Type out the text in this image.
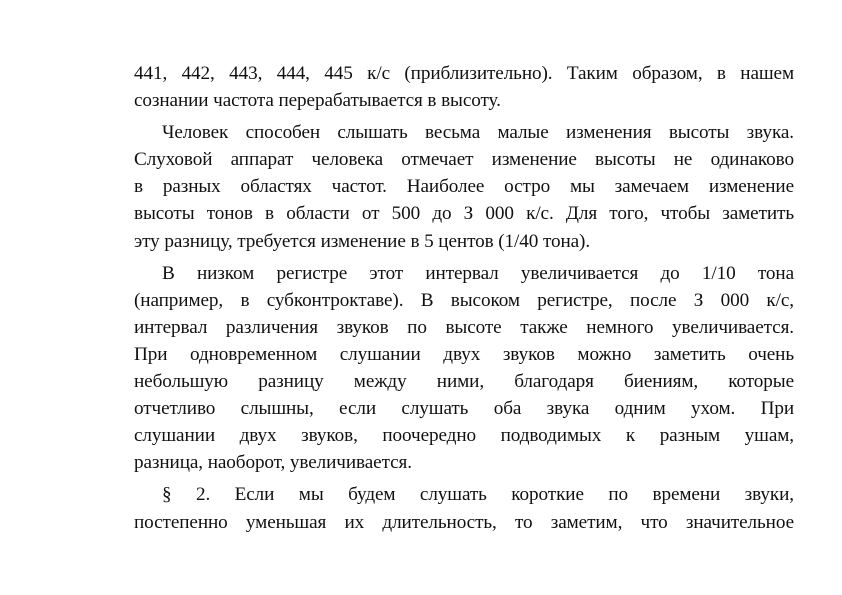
441, 442, 443, 444, 445 к/с (приблизительно). Таким образом, в нашем
сознании частота перерабатывается в высоту.
Человек способен слышать весьма малые изменения высоты звука.
Слуховой аппарат человека отмечает изменение высоты не одинаково
в разных областях частот. Наиболее остро мы замечаем изменение
высоты тонов в области от 500 до З 000 к/с. Для того, чтобы заметить
эту разницу, требуется изменение в 5 центов (1/40 тона).
В низком регистре этот интервал увеличивается до 1/10 тона
(например, в субконтроктаве). В высоком регистре, после З 000 к/с,
интервал различения звуков по высоте также немного увеличивается.
При одновременном слушании двух звуков можно заметить очень
небольшую разницу между ними, благодаря биениям, которые
отчетливо слышны, если слушать оба звука одним ухом. При
слушании двух звуков, поочередно подводимых к разным ушам,
разница, наоборот, увеличивается.
§ 2. Если мы будем слушать короткие по времени звуки,
постепенно уменьшая их длительность, то заметим, что значительное
